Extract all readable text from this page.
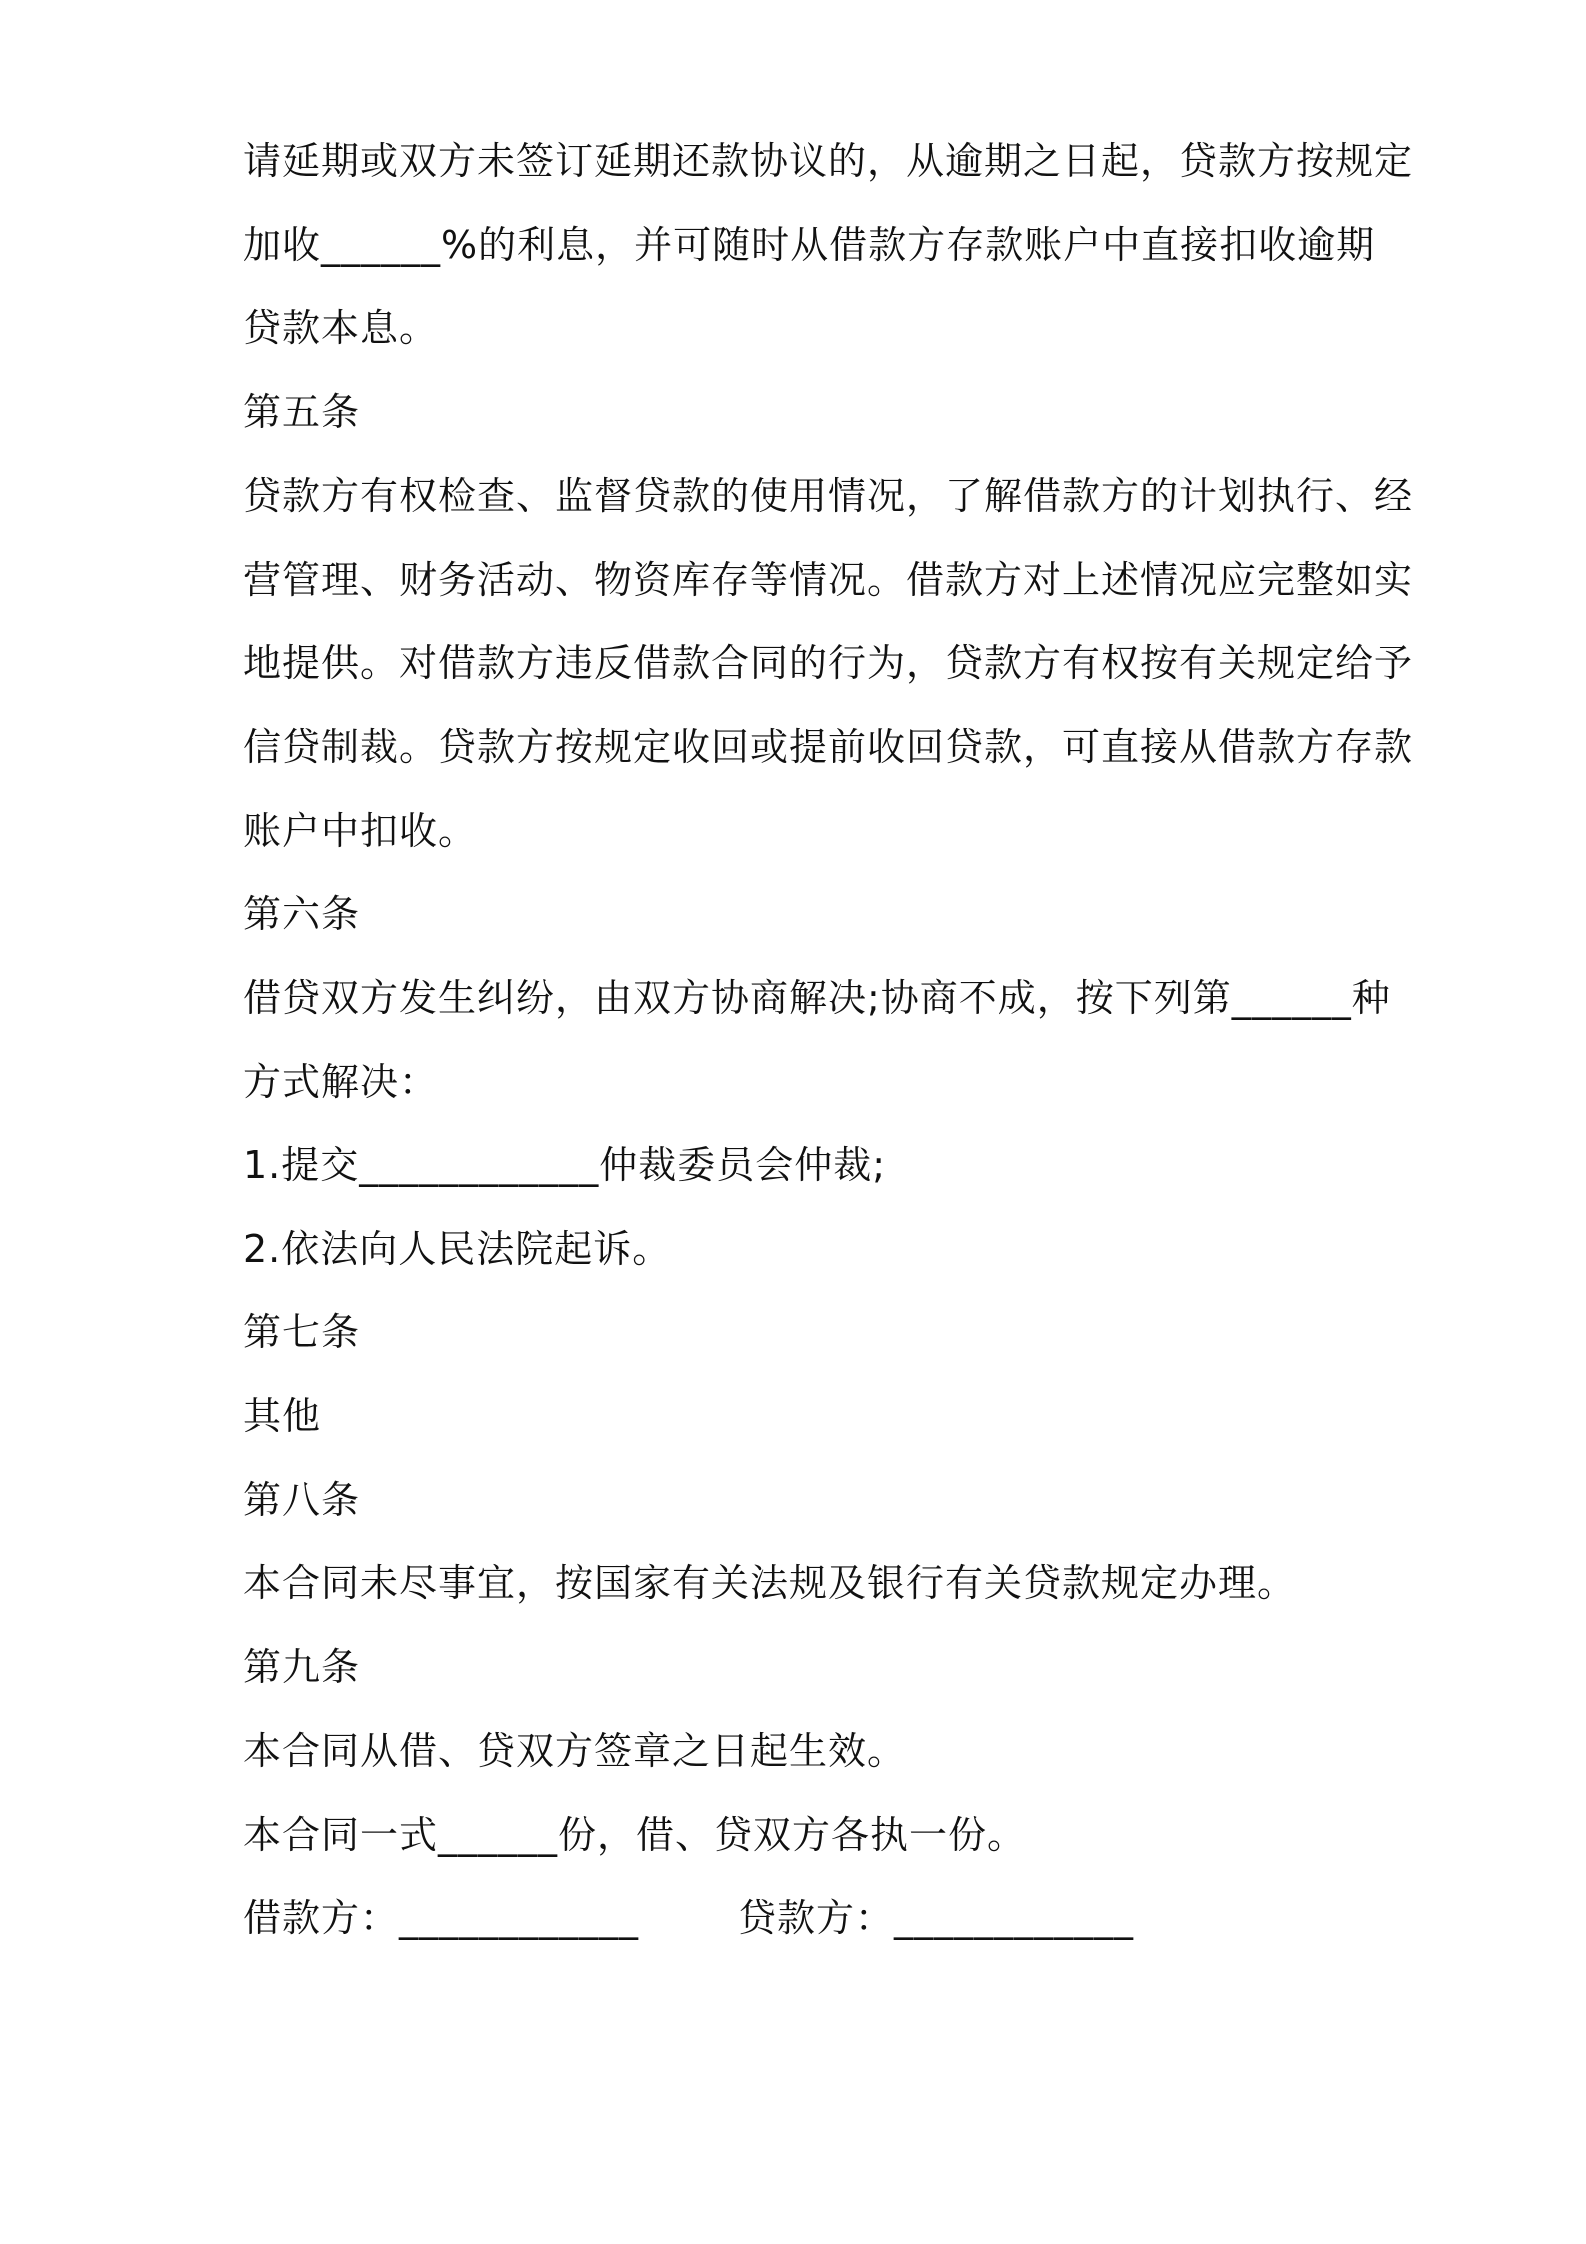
请延期或双方未签订延期还款协议的，从逾期之日起，贷款方按规定
加收______%的利息，并可随时从借款方存款账户中直接扣收逾期
贷款本息。
第五条
贷款方有权检查、监督贷款的使用情况，了解借款方的计划执行、经
营管理、财务活动、物资库存等情况。借款方对上述情况应完整如实
地提供。对借款方违反借款合同的行为，贷款方有权按有关规定给予
信贷制裁。贷款方按规定收回或提前收回贷款，可直接从借款方存款
账户中扣收。
第六条
借贷双方发生纠纷，由双方协商解决;协商不成，按下列第______种
方式解决：
1.提交____________仲裁委员会仲裁;
2.依法向人民法院起诉。
第七条
其他
第八条
本合同未尽事宜，按国家有关法规及银行有关贷款规定办理。
第九条
本合同从借、贷双方签章之日起生效。
本合同一式______份，借、贷双方各执一份。
借款方：____________	贷款方：____________
